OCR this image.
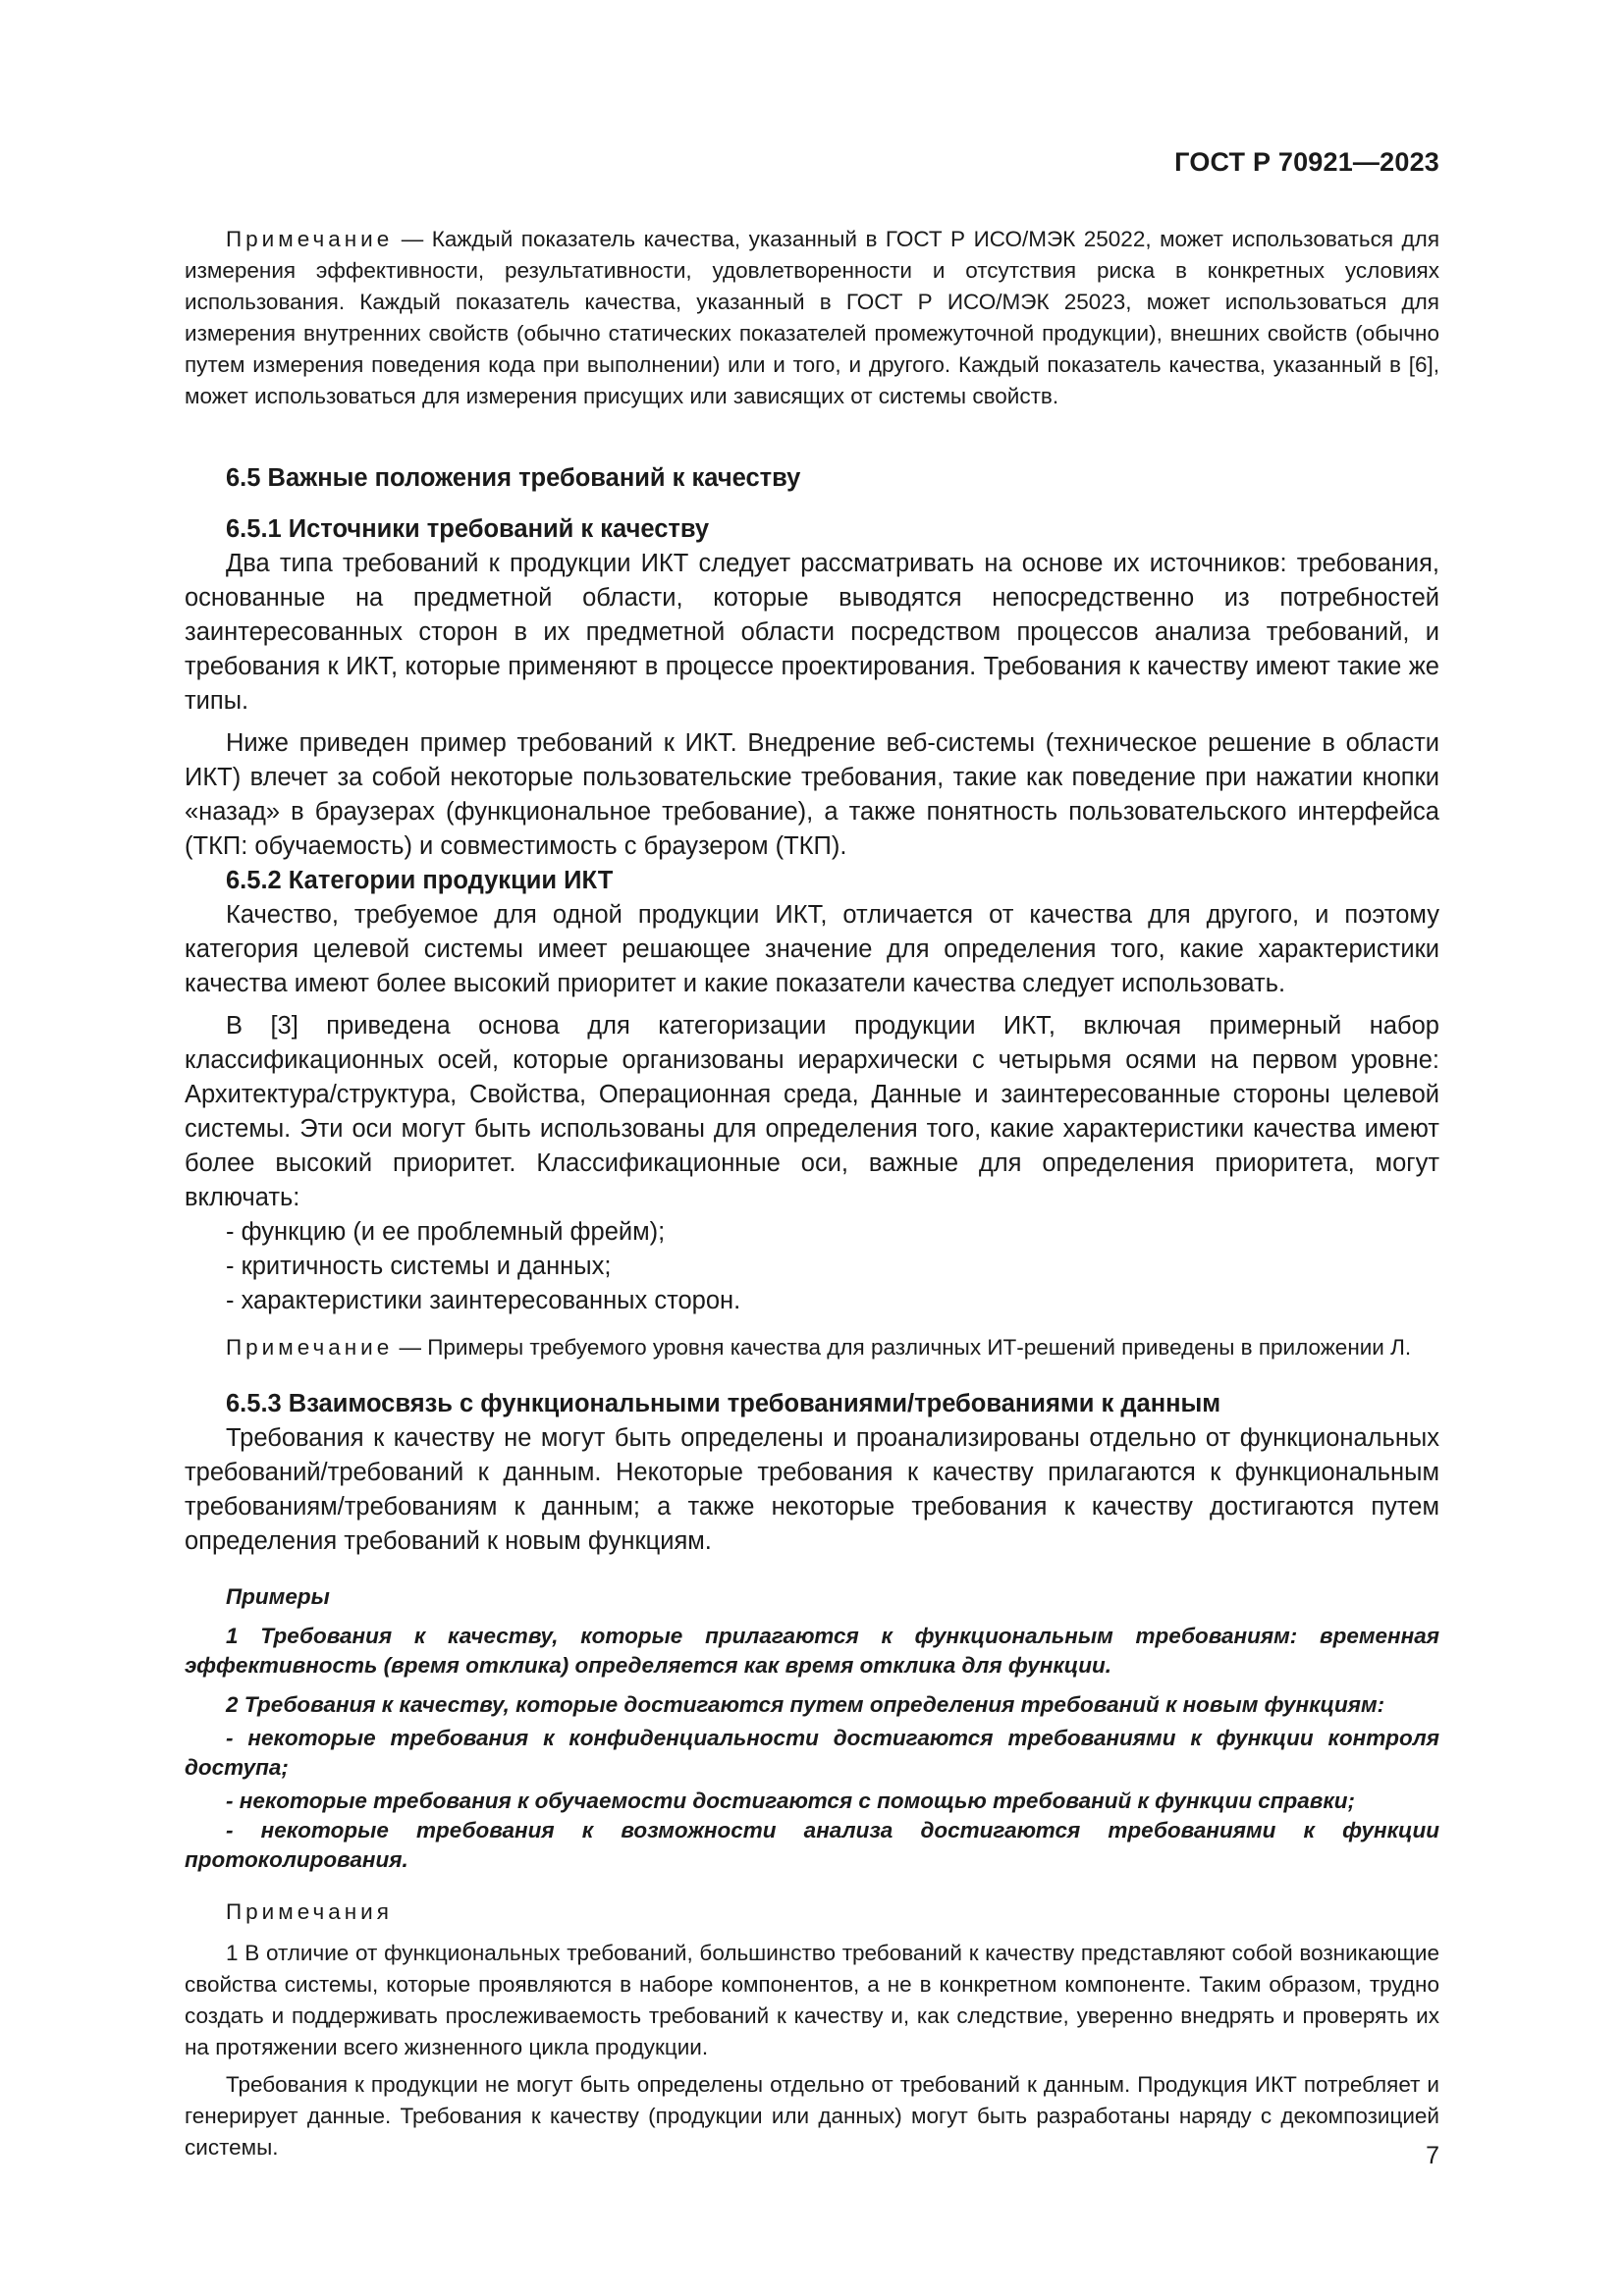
ГОСТ Р 70921—2023

Примечание — Каждый показатель качества, указанный в ГОСТ Р ИСО/МЭК 25022, может использоваться для измерения эффективности, результативности, удовлетворенности и отсутствия риска в конкретных условиях использования. Каждый показатель качества, указанный в ГОСТ Р ИСО/МЭК 25023, может использоваться для измерения внутренних свойств (обычно статических показателей промежуточной продукции), внешних свойств (обычно путем измерения поведения кода при выполнении) или и того, и другого. Каждый показатель качества, указанный в [6], может использоваться для измерения присущих или зависящих от системы свойств.

6.5 Важные положения требований к качеству
6.5.1 Источники требований к качеству

Два типа требований к продукции ИКТ следует рассматривать на основе их источников: требования, основанные на предметной области, которые выводятся непосредственно из потребностей заинтересованных сторон в их предметной области посредством процессов анализа требований, и требования к ИКТ, которые применяют в процессе проектирования. Требования к качеству имеют такие же типы.

Ниже приведен пример требований к ИКТ. Внедрение веб-системы (техническое решение в области ИКТ) влечет за собой некоторые пользовательские требования, такие как поведение при нажатии кнопки «назад» в браузерах (функциональное требование), а также понятность пользовательского интерфейса (ТКП: обучаемость) и совместимость с браузером (ТКП).

6.5.2 Категории продукции ИКТ

Качество, требуемое для одной продукции ИКТ, отличается от качества для другого, и поэтому категория целевой системы имеет решающее значение для определения того, какие характеристики качества имеют более высокий приоритет и какие показатели качества следует использовать.

В [3] приведена основа для категоризации продукции ИКТ, включая примерный набор классификационных осей, которые организованы иерархически с четырьмя осями на первом уровне: Архитектура/структура, Свойства, Операционная среда, Данные и заинтересованные стороны целевой системы. Эти оси могут быть использованы для определения того, какие характеристики качества имеют более высокий приоритет. Классификационные оси, важные для определения приоритета, могут включать:

- функцию (и ее проблемный фрейм);
- критичность системы и данных;
- характеристики заинтересованных сторон.

Примечание — Примеры требуемого уровня качества для различных ИТ-решений приведены в приложении Л.

6.5.3 Взаимосвязь с функциональными требованиями/требованиями к данным

Требования к качеству не могут быть определены и проанализированы отдельно от функциональных требований/требований к данным. Некоторые требования к качеству прилагаются к функциональным требованиям/требованиям к данным; а также некоторые требования к качеству достигаются путем определения требований к новым функциям.

Примеры

1 Требования к качеству, которые прилагаются к функциональным требованиям: временная эффективность (время отклика) определяется как время отклика для функции.

2 Требования к качеству, которые достигаются путем определения требований к новым функциям:

- некоторые требования к конфиденциальности достигаются требованиями к функции контроля доступа;

- некоторые требования к обучаемости достигаются с помощью требований к функции справки;

- некоторые требования к возможности анализа достигаются требованиями к функции протоколирования.

Примечания

1 В отличие от функциональных требований, большинство требований к качеству представляют собой возникающие свойства системы, которые проявляются в наборе компонентов, а не в конкретном компоненте. Таким образом, трудно создать и поддерживать прослеживаемость требований к качеству и, как следствие, уверенно внедрять и проверять их на протяжении всего жизненного цикла продукции.

Требования к продукции не могут быть определены отдельно от требований к данным. Продукция ИКТ потребляет и генерирует данные. Требования к качеству (продукции или данных) могут быть разработаны наряду с декомпозицией системы.	7
